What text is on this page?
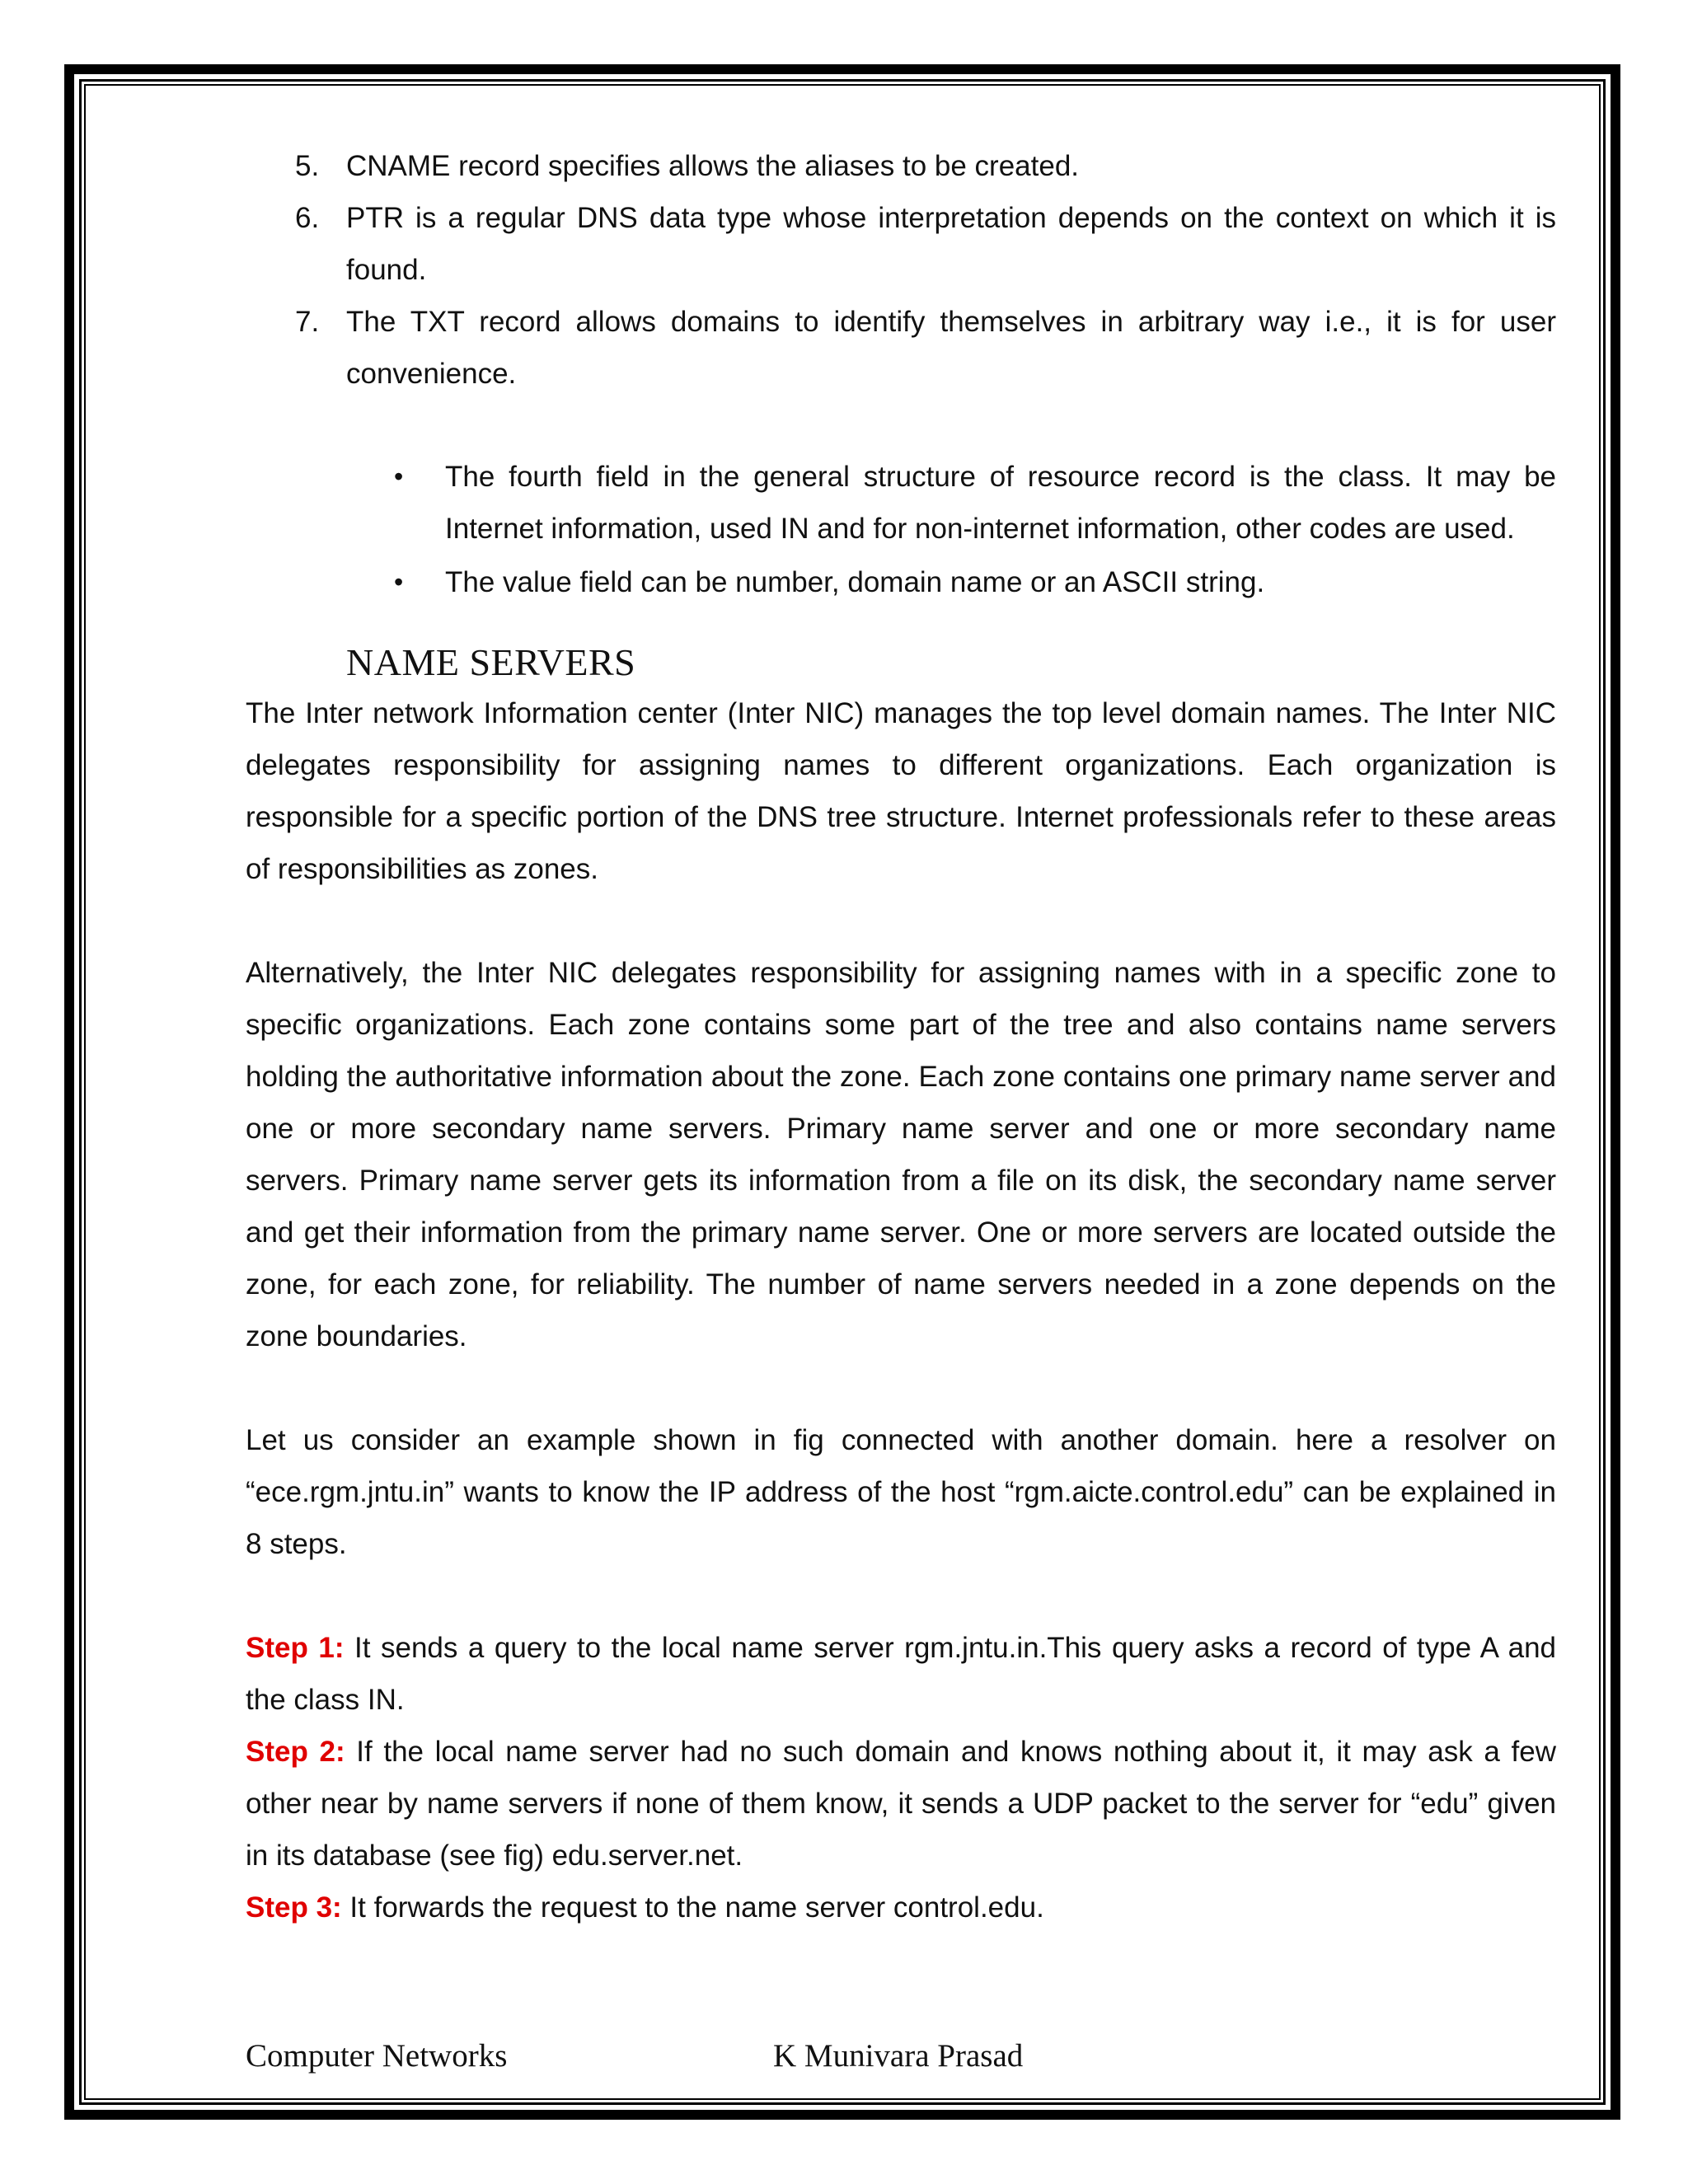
5. CNAME record specifies allows the aliases to be created.
6. PTR is a regular DNS data type whose interpretation depends on the context on which it is found.
7. The TXT record allows domains to identify themselves in arbitrary way i.e., it is for user convenience.
• The fourth field in the general structure of resource record is the class. It may be Internet information, used IN and for non-internet information, other codes are used.
• The value field can be number, domain name or an ASCII string.
NAME SERVERS

The Inter network Information center (Inter NIC) manages the top level domain names. The Inter NIC delegates responsibility for assigning names to different organizations. Each organization is responsible for a specific portion of the DNS tree structure. Internet professionals refer to these areas of responsibilities as zones.

Alternatively, the Inter NIC delegates responsibility for assigning names with in a specific zone to specific organizations. Each zone contains some part of the tree and also contains name servers holding the authoritative information about the zone. Each zone contains one primary name server and one or more secondary name servers. Primary name server and one or more secondary name servers. Primary name server gets its information from a file on its disk, the secondary name server and get their information from the primary name server. One or more servers are located outside the zone, for each zone, for reliability. The number of name servers needed in a zone depends on the zone boundaries.

Let us consider an example shown in fig connected with another domain. here a resolver on “ece.rgm.jntu.in” wants to know the IP address of the host “rgm.aicte.control.edu” can be explained in 8 steps.

Step 1: It sends a query to the local name server rgm.jntu.in.This query asks a record of type A and the class IN.

Step 2: If the local name server had no such domain and knows nothing about it, it may ask a few other near by name servers if none of them know, it sends a UDP packet to the server for “edu” given in its database (see fig) edu.server.net.

Step 3: It forwards the request to the name server control.edu.

Computer Networks	K Munivara Prasad
